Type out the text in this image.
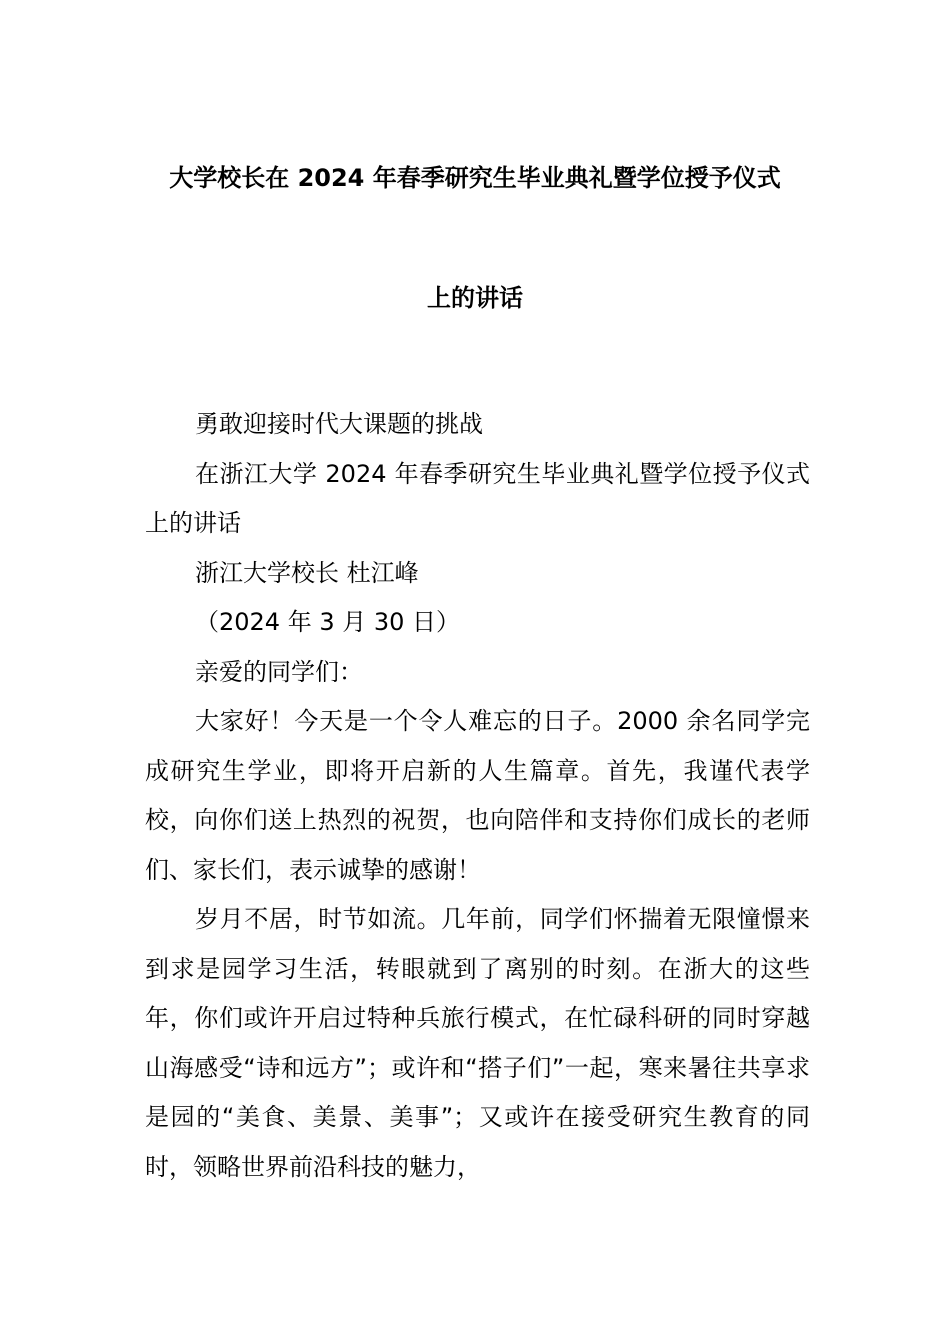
大学校长在 2024 年春季研究生毕业典礼暨学位授予仪式
上的讲话

勇敢迎接时代大课题的挑战

在浙江大学 2024 年春季研究生毕业典礼暨学位授予仪式上的讲话

浙江大学校长 杜江峰

（2024 年 3 月 30 日）

亲爱的同学们：

大家好！今天是一个令人难忘的日子。2000 余名同学完成研究生学业，即将开启新的人生篇章。首先，我谨代表学校，向你们送上热烈的祝贺，也向陪伴和支持你们成长的老师们、家长们，表示诚挚的感谢！

岁月不居，时节如流。几年前，同学们怀揣着无限憧憬来到求是园学习生活，转眼就到了离别的时刻。在浙大的这些年，你们或许开启过特种兵旅行模式，在忙碌科研的同时穿越山海感受“诗和远方”；或许和“搭子们”一起，寒来暑往共享求是园的“美食、美景、美事”；又或许在接受研究生教育的同时，领略世界前沿科技的魅力，
